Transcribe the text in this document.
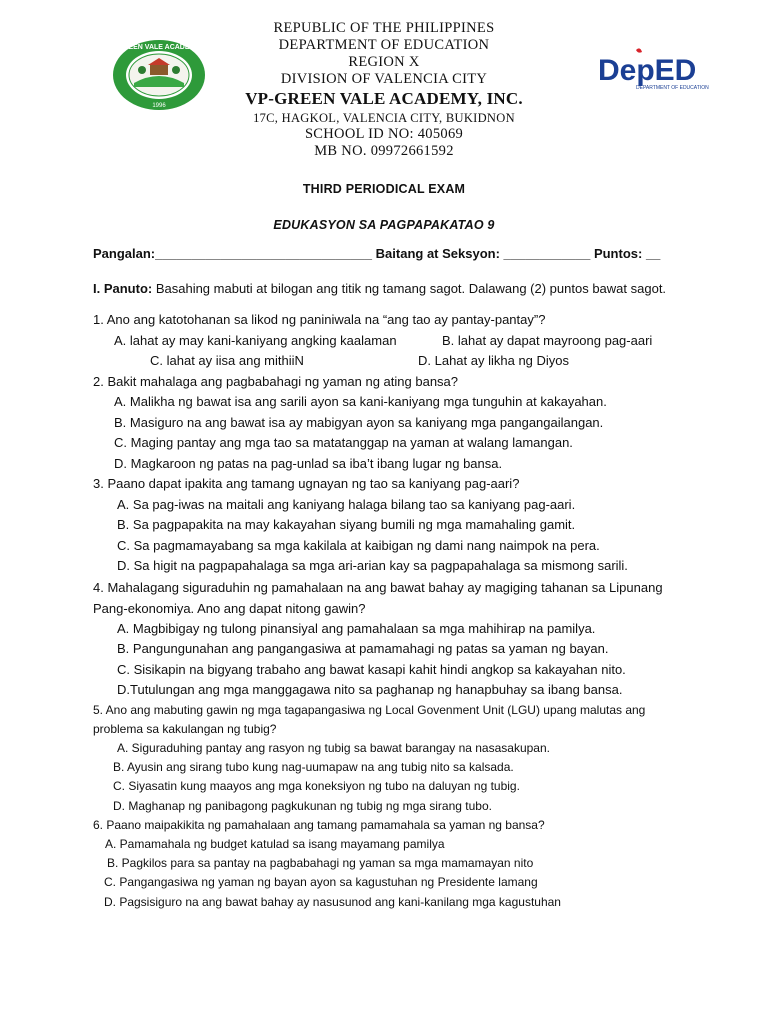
REPUBLIC OF THE PHILIPPINES
DEPARTMENT OF EDUCATION
REGION X
DIVISION OF VALENCIA CITY
VP-GREEN VALE ACADEMY, INC.
17C, HAGKOL, VALENCIA CITY, BUKIDNON
SCHOOL ID NO: 405069
MB NO. 09972661592
GREEN VALE ACADEMY
1996
DepED
DEPARTMENT OF EDUCATION
THIRD PERIODICAL EXAM
EDUKASYON SA PAGPAPAKATAO 9
Pangalan:______________________________ Baitang at Seksyon: ____________ Puntos: __
I. Panuto: Basahing mabuti at bilogan ang titik ng tamang sagot. Dalawang (2) puntos bawat sagot.
1. Ano ang katotohanan sa likod ng paniniwala na “ang tao ay pantay-pantay”?
A. lahat ay may kani-kaniyang angking kaalaman	B. lahat ay dapat mayroong pag-aari
C. lahat ay iisa ang mithiiN	D. Lahat ay likha ng Diyos
2. Bakit mahalaga ang pagbabahagi ng yaman ng ating bansa?
A. Malikha ng bawat isa ang sarili ayon sa kani-kaniyang mga tunguhin at kakayahan.
B. Masiguro na ang bawat isa ay mabigyan ayon sa kaniyang mga pangangailangan.
C. Maging pantay ang mga tao sa matatanggap na yaman at walang lamangan.
D. Magkaroon ng patas na pag-unlad sa iba’t ibang lugar ng bansa.
3. Paano dapat ipakita ang tamang ugnayan ng tao sa kaniyang pag-aari?
A. Sa pag-iwas na maitali ang kaniyang halaga bilang tao sa kaniyang pag-aari.
B. Sa pagpapakita na may kakayahan siyang bumili ng mga mamahaling gamit.
C. Sa pagmamayabang sa mga kakilala at kaibigan ng dami nang naimpok na pera.
D. Sa higit na pagpapahalaga sa mga ari-arian kay sa pagpapahalaga sa mismong sarili.
4. Mahalagang siguraduhin ng pamahalaan na ang bawat bahay ay magiging tahanan sa Lipunang Pang-ekonomiya. Ano ang dapat nitong gawin?
A. Magbibigay ng tulong pinansiyal ang pamahalaan sa mga mahihirap na pamilya.
B. Pangungunahan ang pangangasiwa at pamamahagi ng patas sa yaman ng bayan.
C. Sisikapin na bigyang trabaho ang bawat kasapi kahit hindi angkop sa kakayahan nito.
D.Tutulungan ang mga manggagawa nito sa paghanap ng hanapbuhay sa ibang bansa.
5. Ano ang mabuting gawin ng mga tagapangasiwa ng Local Govenment Unit (LGU) upang malutas ang problema sa kakulangan ng tubig?
A. Siguraduhing pantay ang rasyon ng tubig sa bawat barangay na nasasakupan.
B. Ayusin ang sirang tubo kung nag-uumapaw na ang tubig nito sa kalsada.
C. Siyasatin kung maayos ang mga koneksiyon ng tubo na daluyan ng tubig.
D. Maghanap ng panibagong pagkukunan ng tubig ng mga sirang tubo.
6. Paano maipakikita ng pamahalaan ang tamang pamamahala sa yaman ng bansa?
A. Pamamahala ng budget katulad sa isang mayamang pamilya
B. Pagkilos para sa pantay na pagbabahagi ng yaman sa mga mamamayan nito
C. Pangangasiwa ng yaman ng bayan ayon sa kagustuhan ng Presidente lamang
D. Pagsisiguro na ang bawat bahay ay nasusunod ang kani-kanilang mga kagustuhan
